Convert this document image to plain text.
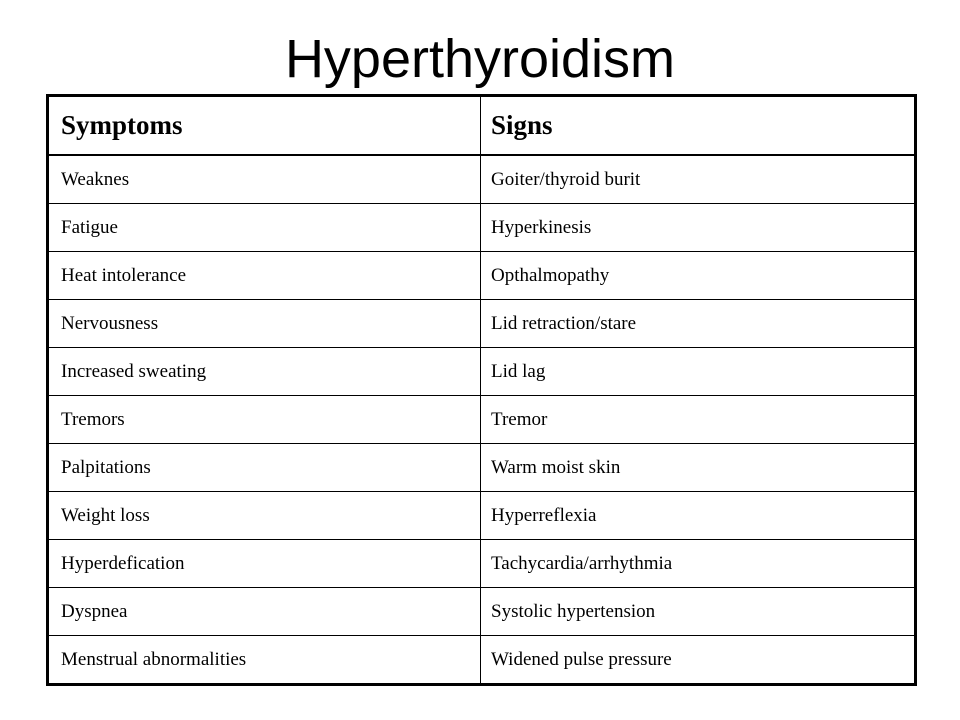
Hyperthyroidism
Symptoms	Signs
Weaknes	Goiter/thyroid burit
Fatigue	Hyperkinesis
Heat intolerance	Opthalmopathy
Nervousness	Lid retraction/stare
Increased sweating	Lid lag
Tremors	Tremor
Palpitations	Warm moist skin
Weight loss	Hyperreflexia
Hyperdefication	Tachycardia/arrhythmia
Dyspnea	Systolic hypertension
Menstrual abnormalities	Widened pulse pressure
